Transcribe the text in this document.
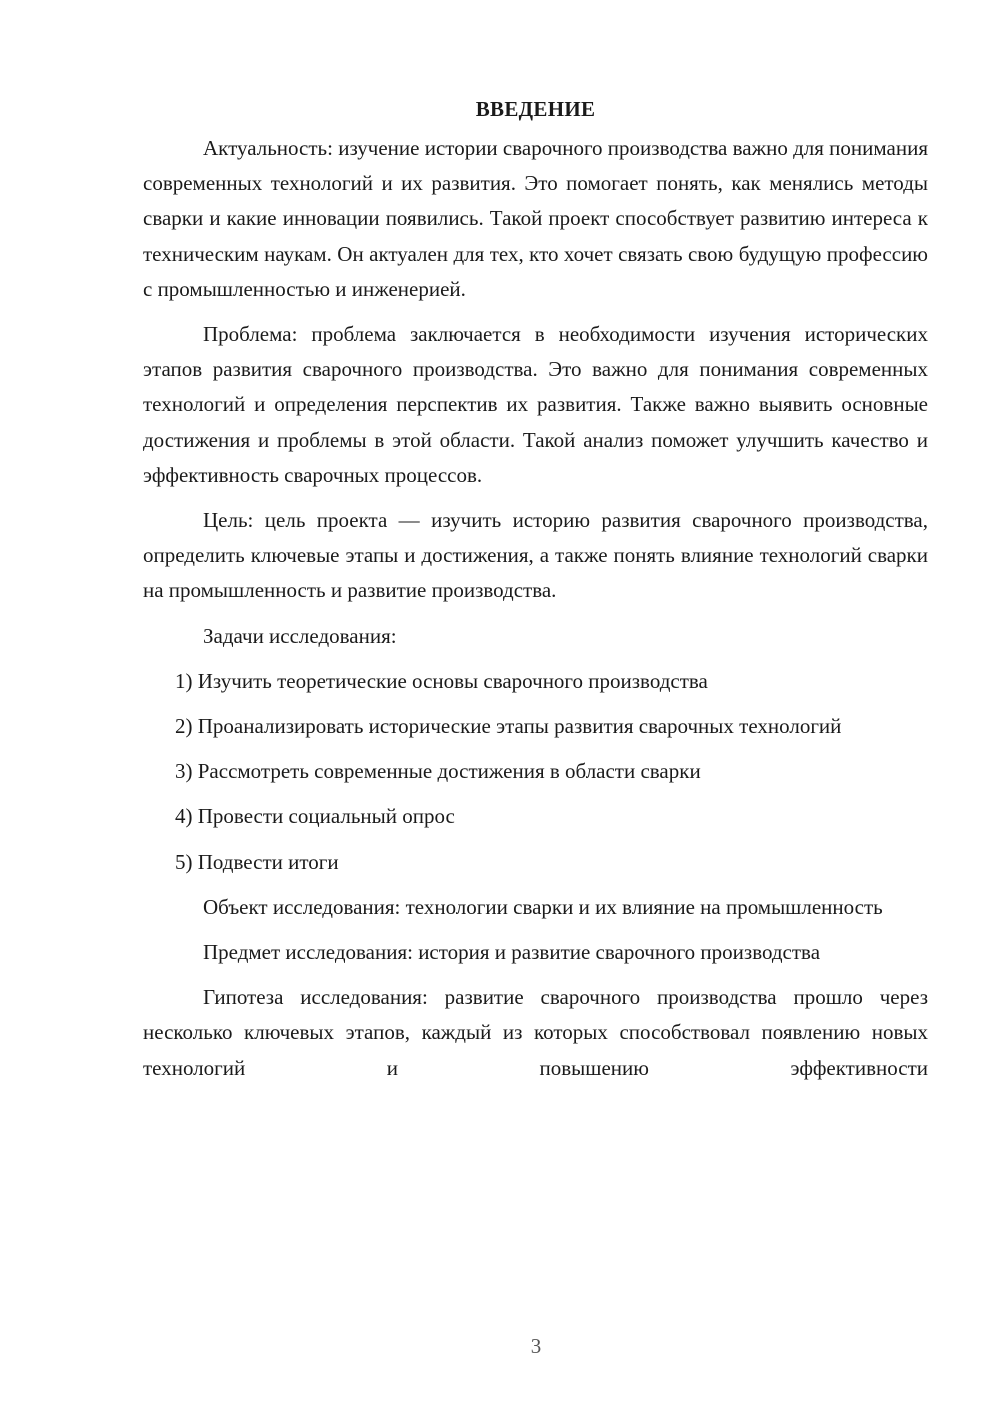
ВВЕДЕНИЕ

Актуальность: изучение истории сварочного производства важно для понимания современных технологий и их развития. Это помогает понять, как менялись методы сварки и какие инновации появились. Такой проект способствует развитию интереса к техническим наукам. Он актуален для тех, кто хочет связать свою будущую профессию с промышленностью и инженерией.

Проблема: проблема заключается в необходимости изучения исторических этапов развития сварочного производства. Это важно для понимания современных технологий и определения перспектив их развития. Также важно выявить основные достижения и проблемы в этой области. Такой анализ поможет улучшить качество и эффективность сварочных процессов.

Цель: цель проекта — изучить историю развития сварочного производства, определить ключевые этапы и достижения, а также понять влияние технологий сварки на промышленность и развитие производства.

Задачи исследования:

1) Изучить теоретические основы сварочного производства

2) Проанализировать исторические этапы развития сварочных технологий

3) Рассмотреть современные достижения в области сварки

4) Провести социальный опрос

5) Подвести итоги

Объект исследования: технологии сварки и их влияние на промышленность

Предмет исследования: история и развитие сварочного производства

Гипотеза исследования: развитие сварочного производства прошло через несколько ключевых этапов, каждый из которых способствовал появлению новых технологий и повышению эффективности

3
